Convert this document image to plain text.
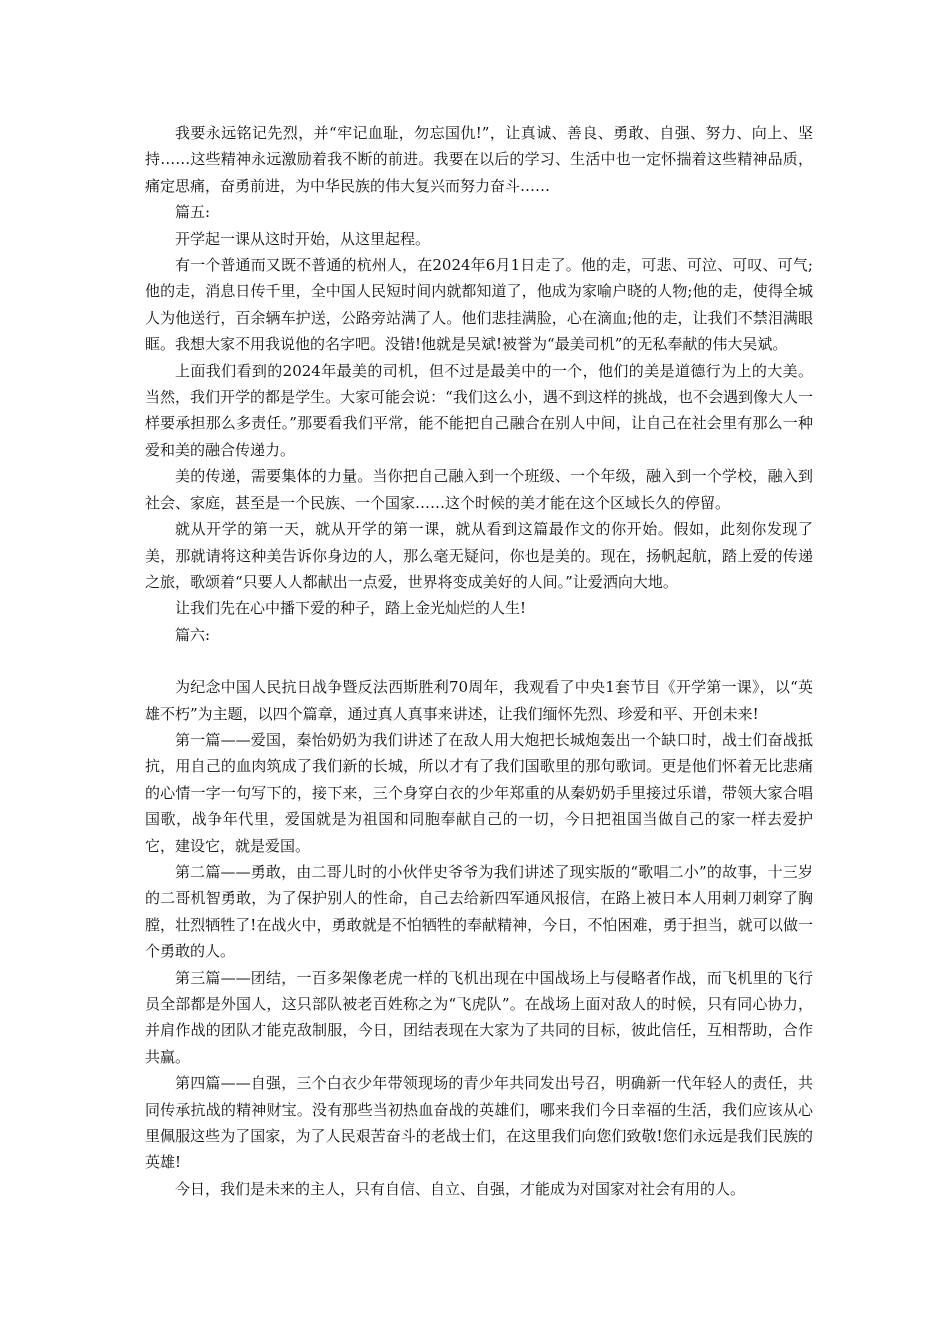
我要永远铭记先烈，并“牢记血耻，勿忘国仇!”，让真诚、善良、勇敢、自强、努力、向上、坚持……这些精神永远激励着我不断的前进。我要在以后的学习、生活中也一定怀揣着这些精神品质，痛定思痛，奋勇前进，为中华民族的伟大复兴而努力奋斗……

篇五:

开学起一课从这时开始，从这里起程。

有一个普通而又既不普通的杭州人，在2024年6月1日走了。他的走，可悲、可泣、可叹、可气;他的走，消息日传千里，全中国人民短时间内就都知道了，他成为家喻户晓的人物;他的走，使得全城人为他送行，百余辆车护送，公路旁站满了人。他们悲挂满脸，心在滴血;他的走，让我们不禁泪满眼眶。我想大家不用我说他的名字吧。没错!他就是吴斌!被誉为“最美司机”的无私奉献的伟大吴斌。

上面我们看到的2024年最美的司机，但不过是最美中的一个，他们的美是道德行为上的大美。当然，我们开学的都是学生。大家可能会说：“我们这么小，遇不到这样的挑战，也不会遇到像大人一样要承担那么多责任。”那要看我们平常，能不能把自己融合在别人中间，让自己在社会里有那么一种爱和美的融合传递力。

美的传递，需要集体的力量。当你把自己融入到一个班级、一个年级，融入到一个学校，融入到社会、家庭，甚至是一个民族、一个国家……这个时候的美才能在这个区域长久的停留。

就从开学的第一天，就从开学的第一课，就从看到这篇最作文的你开始。假如，此刻你发现了美，那就请将这种美告诉你身边的人，那么毫无疑问，你也是美的。现在，扬帆起航，踏上爱的传递之旅，歌颂着“只要人人都献出一点爱，世界将变成美好的人间。”让爱洒向大地。

让我们先在心中播下爱的种子，踏上金光灿烂的人生!

篇六:

为纪念中国人民抗日战争暨反法西斯胜利70周年，我观看了中央1套节目《开学第一课》，以“英雄不朽”为主题，以四个篇章，通过真人真事来讲述，让我们缅怀先烈、珍爱和平、开创未来!

第一篇——爱国，秦怡奶奶为我们讲述了在敌人用大炮把长城炮轰出一个缺口时，战士们奋战抵抗，用自己的血肉筑成了我们新的长城，所以才有了我们国歌里的那句歌词。更是他们怀着无比悲痛的心情一字一句写下的，接下来，三个身穿白衣的少年郑重的从秦奶奶手里接过乐谱，带领大家合唱国歌，战争年代里，爱国就是为祖国和同胞奉献自己的一切，今日把祖国当做自己的家一样去爱护它，建设它，就是爱国。

第二篇——勇敢，由二哥儿时的小伙伴史爷爷为我们讲述了现实版的“歌唱二小”的故事，十三岁的二哥机智勇敢，为了保护别人的性命，自己去给新四军通风报信，在路上被日本人用刺刀刺穿了胸膛，壮烈牺牲了!在战火中，勇敢就是不怕牺牲的奉献精神，今日，不怕困难，勇于担当，就可以做一个勇敢的人。

第三篇——团结，一百多架像老虎一样的飞机出现在中国战场上与侵略者作战，而飞机里的飞行员全部都是外国人，这只部队被老百姓称之为“飞虎队”。在战场上面对敌人的时候，只有同心协力，并肩作战的团队才能克敌制服，今日，团结表现在大家为了共同的目标，彼此信任，互相帮助，合作共赢。

第四篇——自强，三个白衣少年带领现场的青少年共同发出号召，明确新一代年轻人的责任，共同传承抗战的精神财宝。没有那些当初热血奋战的英雄们，哪来我们今日幸福的生活，我们应该从心里佩服这些为了国家，为了人民艰苦奋斗的老战士们，在这里我们向您们致敬!您们永远是我们民族的英雄!

今日，我们是未来的主人，只有自信、自立、自强，才能成为对国家对社会有用的人。
